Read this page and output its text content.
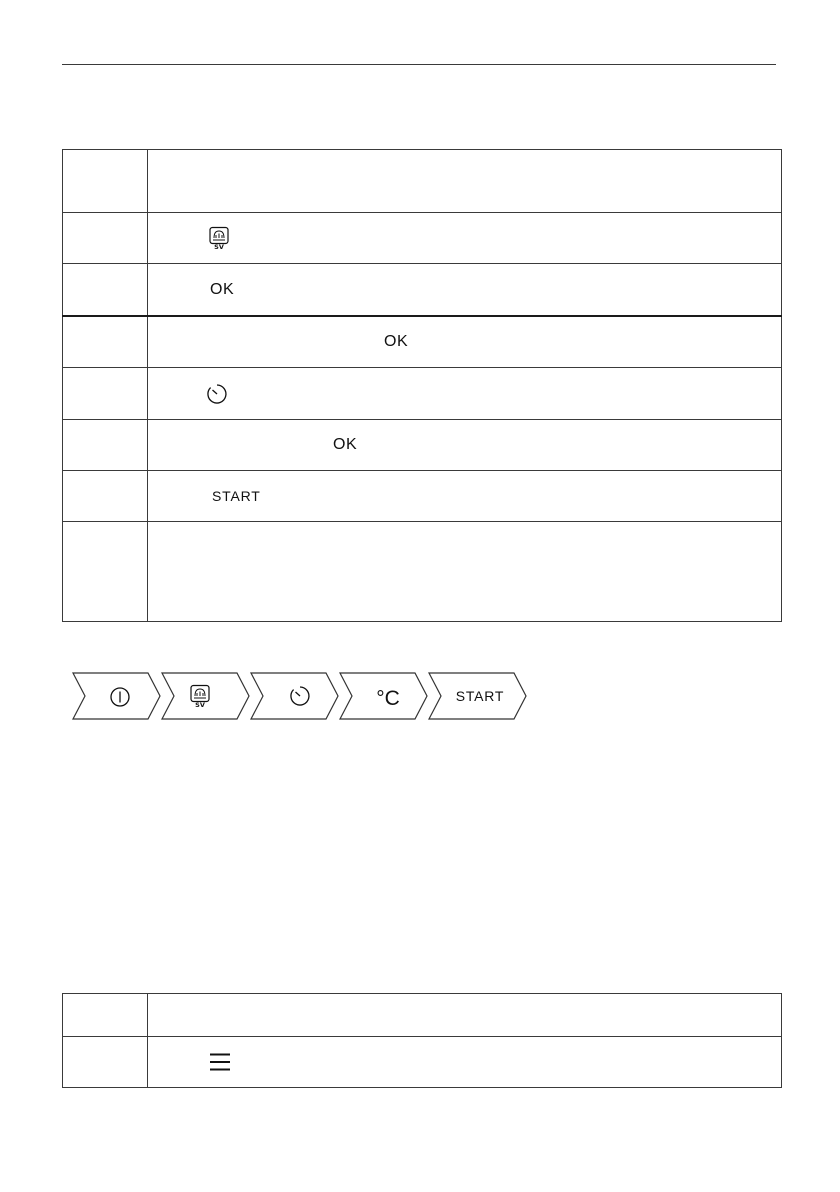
SV

OK

OK

OK

START

SV	°C	START
